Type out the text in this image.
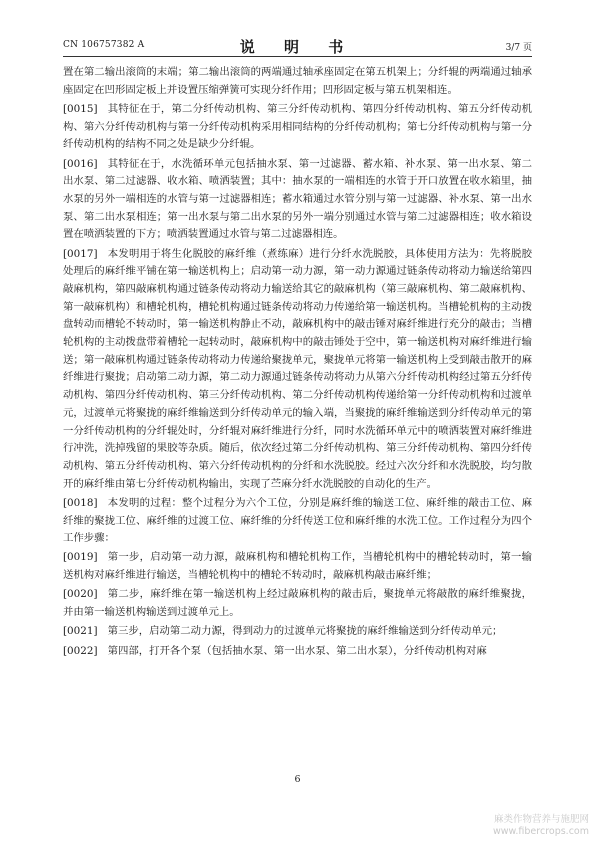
CN 106757382 A	说 明 书	3/7 页

置在第二输出滚筒的末端；第二输出滚筒的两端通过轴承座固定在第五机架上；分纤辊的两端通过轴承座固定在凹形固定板上并设置压缩弹簧可实现分纤作用；凹形固定板与第五机架相连。

[0015] 其特征在于，第二分纤传动机构、第三分纤传动机构、第四分纤传动机构、第五分纤传动机构、第六分纤传动机构与第一分纤传动机构采用相同结构的分纤传动机构；第七分纤传动机构与第一分纤传动机构的结构不同之处是缺少分纤辊。

[0016] 其特征在于，水洗循环单元包括抽水泵、第一过滤器、蓄水箱、补水泵、第一出水泵、第二出水泵、第二过滤器、收水箱、喷洒装置；其中：抽水泵的一端相连的水管于开口放置在收水箱里，抽水泵的另外一端相连的水管与第一过滤器相连；蓄水箱通过水管分别与第一过滤器、补水泵、第一出水泵、第二出水泵相连；第一出水泵与第二出水泵的另外一端分别通过水管与第二过滤器相连；收水箱设置在喷洒装置的下方；喷洒装置通过水管与第二过滤器相连。

[0017] 本发明用于将生化脱胶的麻纤维（煮练麻）进行分纤水洗脱胶，具体使用方法为：先将脱胶处理后的麻纤维平铺在第一输送机构上；启动第一动力源，第一动力源通过链条传动将动力输送给第四敲麻机构，第四敲麻机构通过链条传动将动力输送给其它的敲麻机构（第三敲麻机构、第二敲麻机构、第一敲麻机构）和槽轮机构，槽轮机构通过链条传动将动力传递给第一输送机构。当槽轮机构的主动拨盘转动而槽轮不转动时，第一输送机构静止不动，敲麻机构中的敲击锤对麻纤维进行充分的敲击；当槽轮机构的主动拨盘带着槽轮一起转动时，敲麻机构中的敲击锤处于空中，第一输送机构对麻纤维进行输送；第一敲麻机构通过链条传动将动力传递给聚拢单元，聚拢单元将第一输送机构上受到敲击散开的麻纤维进行聚拢；启动第二动力源，第二动力源通过链条传动将动力从第六分纤传动机构经过第五分纤传动机构、第四分纤传动机构、第三分纤传动机构、第二分纤传动机构传递给第一分纤传动机构和过渡单元，过渡单元将聚拢的麻纤维输送到分纤传动单元的输入端，当聚拢的麻纤维输送到分纤传动单元的第一分纤传动机构的分纤辊处时，分纤辊对麻纤维进行分纤，同时水洗循环单元中的喷洒装置对麻纤维进行冲洗，洗掉残留的果胶等杂质。随后，依次经过第二分纤传动机构、第三分纤传动机构、第四分纤传动机构、第五分纤传动机构、第六分纤传动机构的分纤和水洗脱胶。经过六次分纤和水洗脱胶，均匀散开的麻纤维由第七分纤传动机构输出，实现了苎麻分纤水洗脱胶的自动化的生产。

[0018] 本发明的过程：整个过程分为六个工位，分别是麻纤维的输送工位、麻纤维的敲击工位、麻纤维的聚拢工位、麻纤维的过渡工位、麻纤维的分纤传送工位和麻纤维的水洗工位。工作过程分为四个工作步骤：

[0019] 第一步，启动第一动力源，敲麻机构和槽轮机构工作，当槽轮机构中的槽轮转动时，第一输送机构对麻纤维进行输送，当槽轮机构中的槽轮不转动时，敲麻机构敲击麻纤维；

[0020] 第二步，麻纤维在第一输送机构上经过敲麻机构的敲击后，聚拢单元将敲散的麻纤维聚拢，并由第一输送机构输送到过渡单元上。

[0021] 第三步，启动第二动力源，得到动力的过渡单元将聚拢的麻纤维输送到分纤传动单元；

[0022] 第四部，打开各个泵（包括抽水泵、第一出水泵、第二出水泵），分纤传动机构对麻

6
麻类作物营养与施肥网
www.fibercrops.com
